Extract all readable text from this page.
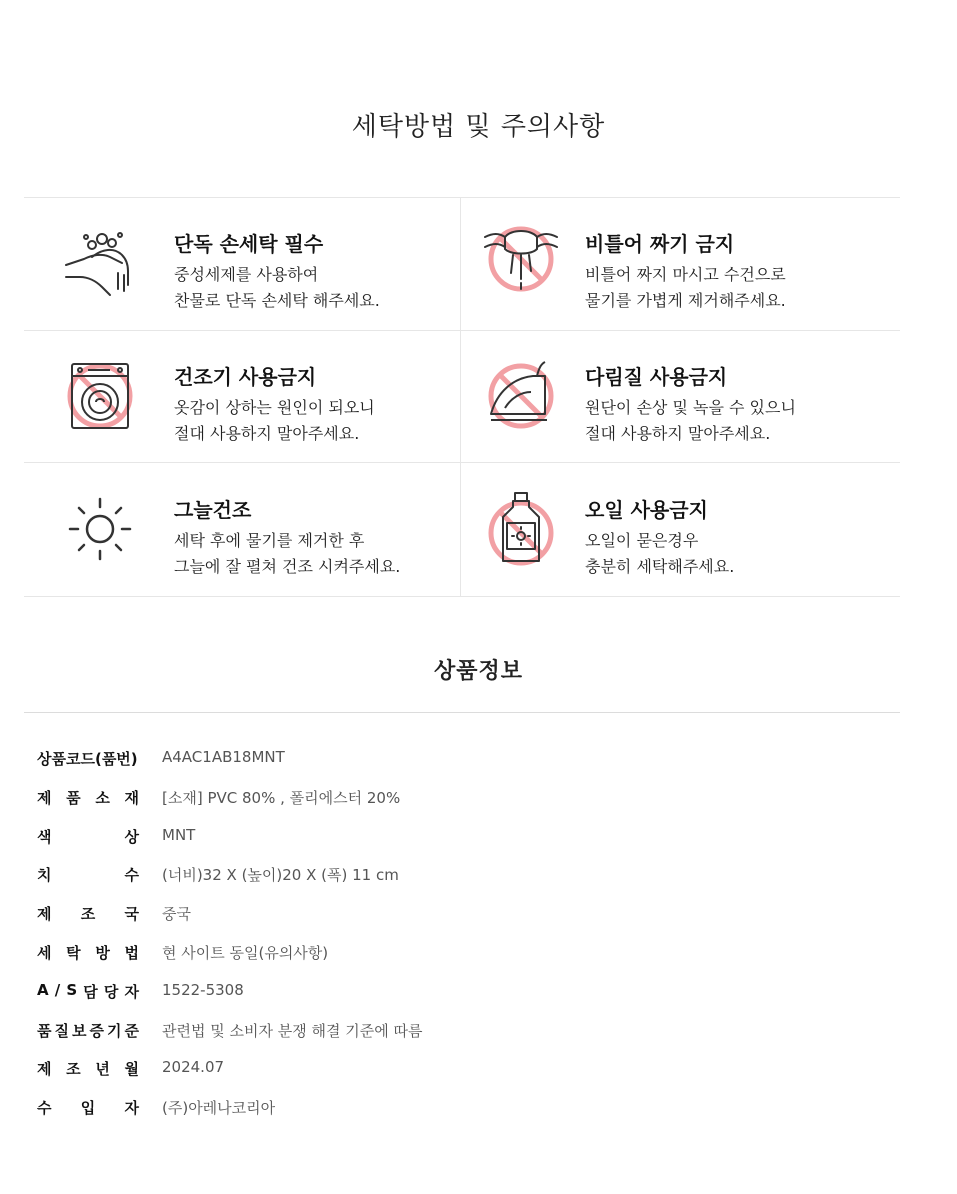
세탁방법 및 주의사항
단독 손세탁 필수
중성세제를 사용하여
찬물로 단독 손세탁 해주세요.
비틀어 짜기 금지
비틀어 짜지 마시고 수건으로
물기를 가볍게 제거해주세요.
건조기 사용금지
옷감이 상하는 원인이 되오니
절대 사용하지 말아주세요.
다림질 사용금지
원단이 손상 및 녹을 수 있으니
절대 사용하지 말아주세요.
그늘건조
세탁 후에 물기를 제거한 후
그늘에 잘 펼쳐 건조 시켜주세요.
오일 사용금지
오일이 묻은경우
충분히 세탁해주세요.
상품정보
상품코드(품번) A4AC1AB18MNT
제 품 소 재 [소재] PVC 80% , 폴리에스터 20%
색	상 MNT
치	수 (너비)32 X (높이)20 X (폭) 11 cm
제 조 국 중국
세 탁 방 법 현 사이트 동일(유의사항)
A / S 담 당 자 1522-5308
품 질 보 증 기 준 관련법 및 소비자 분쟁 해결 기준에 따름
제 조 년 월 2024.07
수 입 자 (주)아레나코리아
